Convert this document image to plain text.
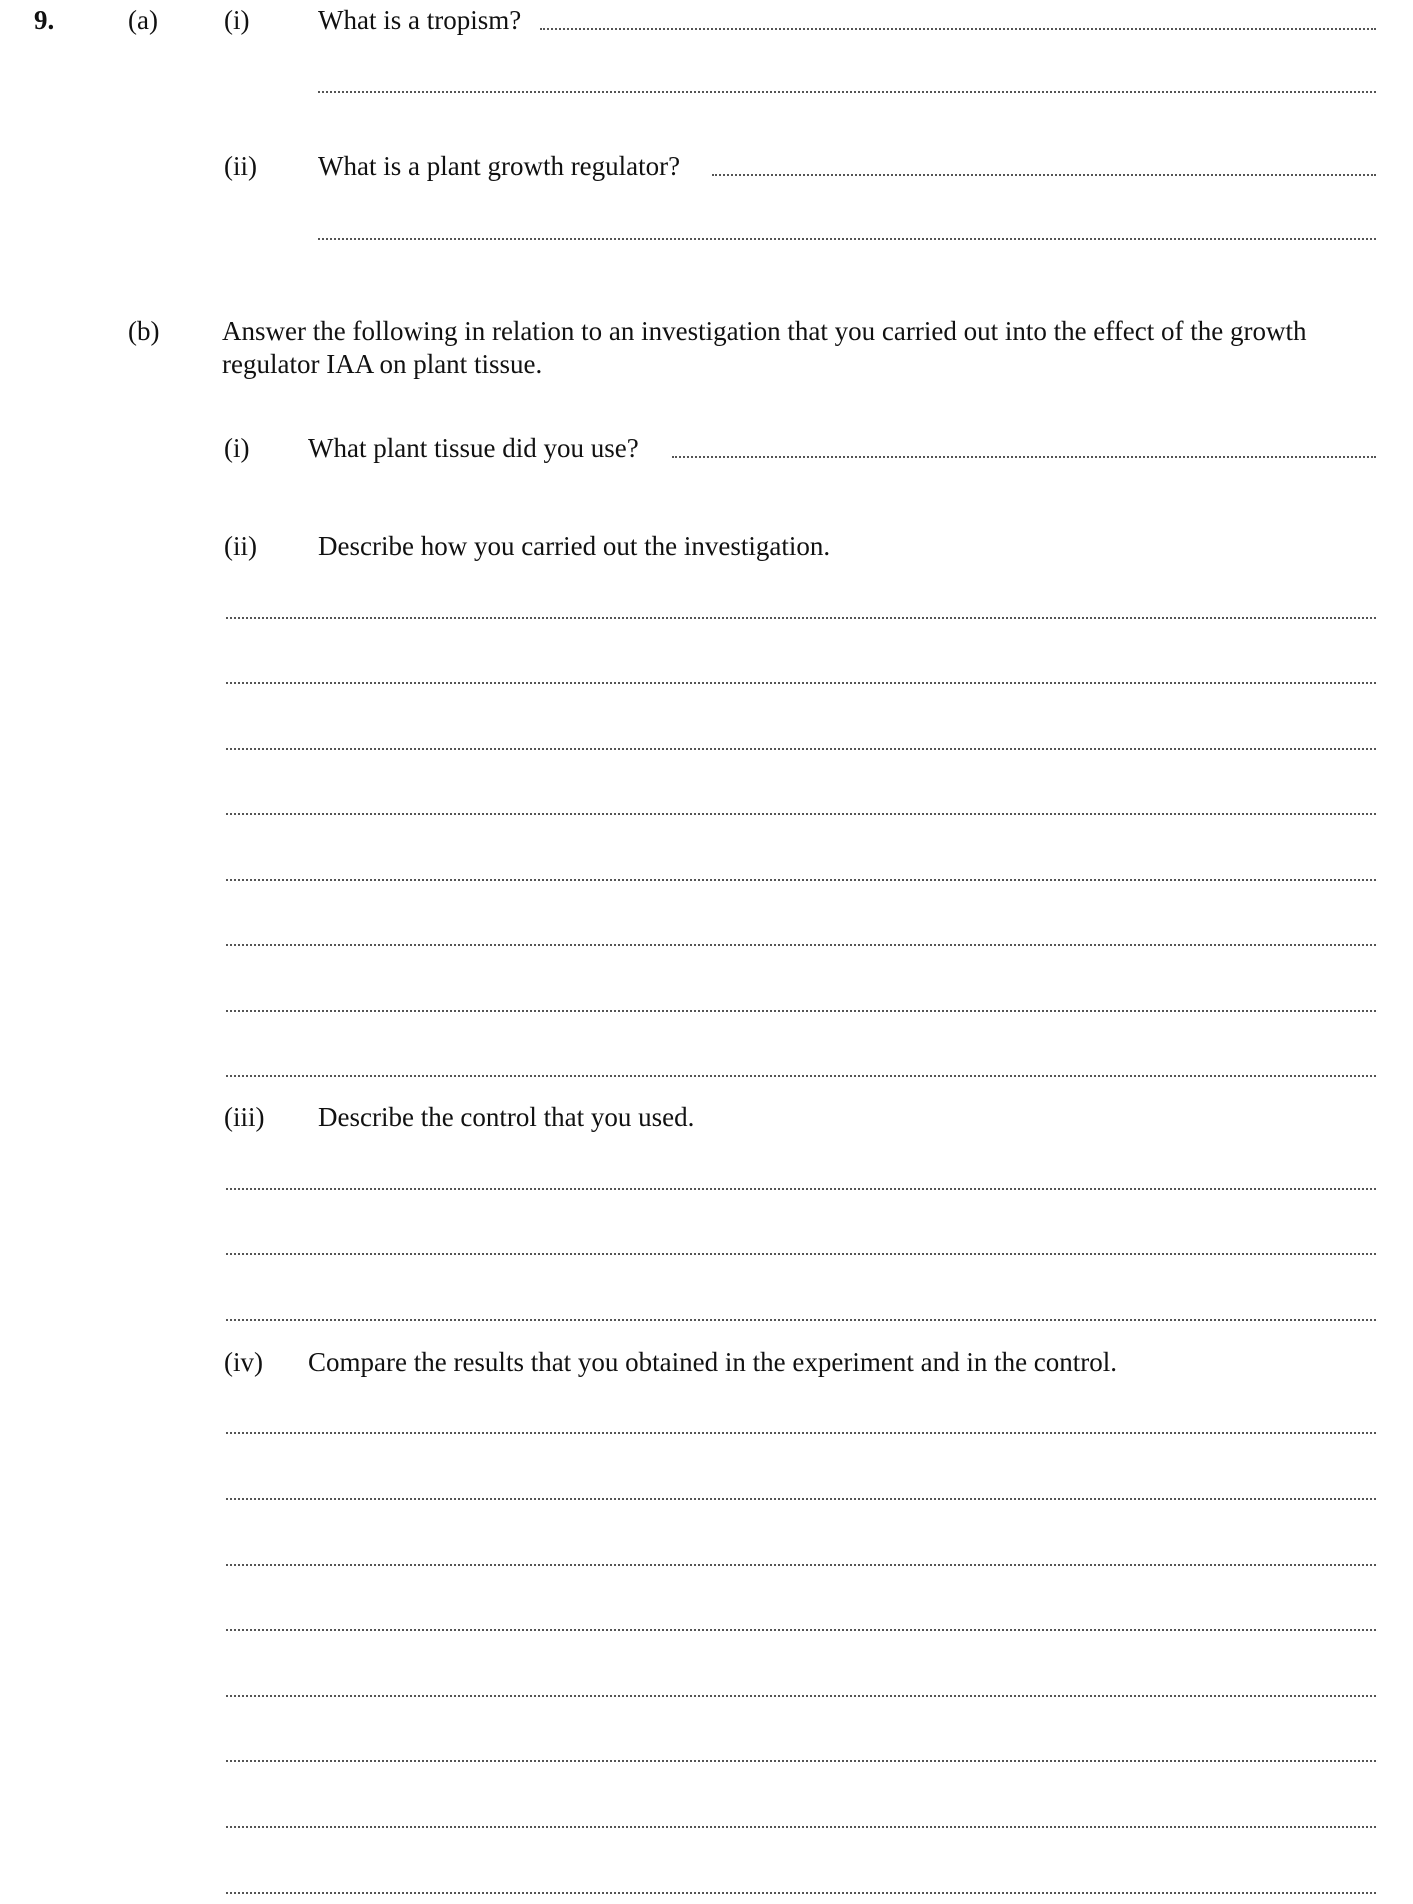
9.	(a) (i)	What is a tropism?
(ii) What is a plant growth regulator?
(b) Answer the following in relation to an investigation that you carried out into the effect of the growth
regulator IAA on plant tissue.
(i) What plant tissue did you use?
(ii) Describe how you carried out the investigation.
(iii) Describe the control that you used.
(iv) Compare the results that you obtained in the experiment and in the control.
